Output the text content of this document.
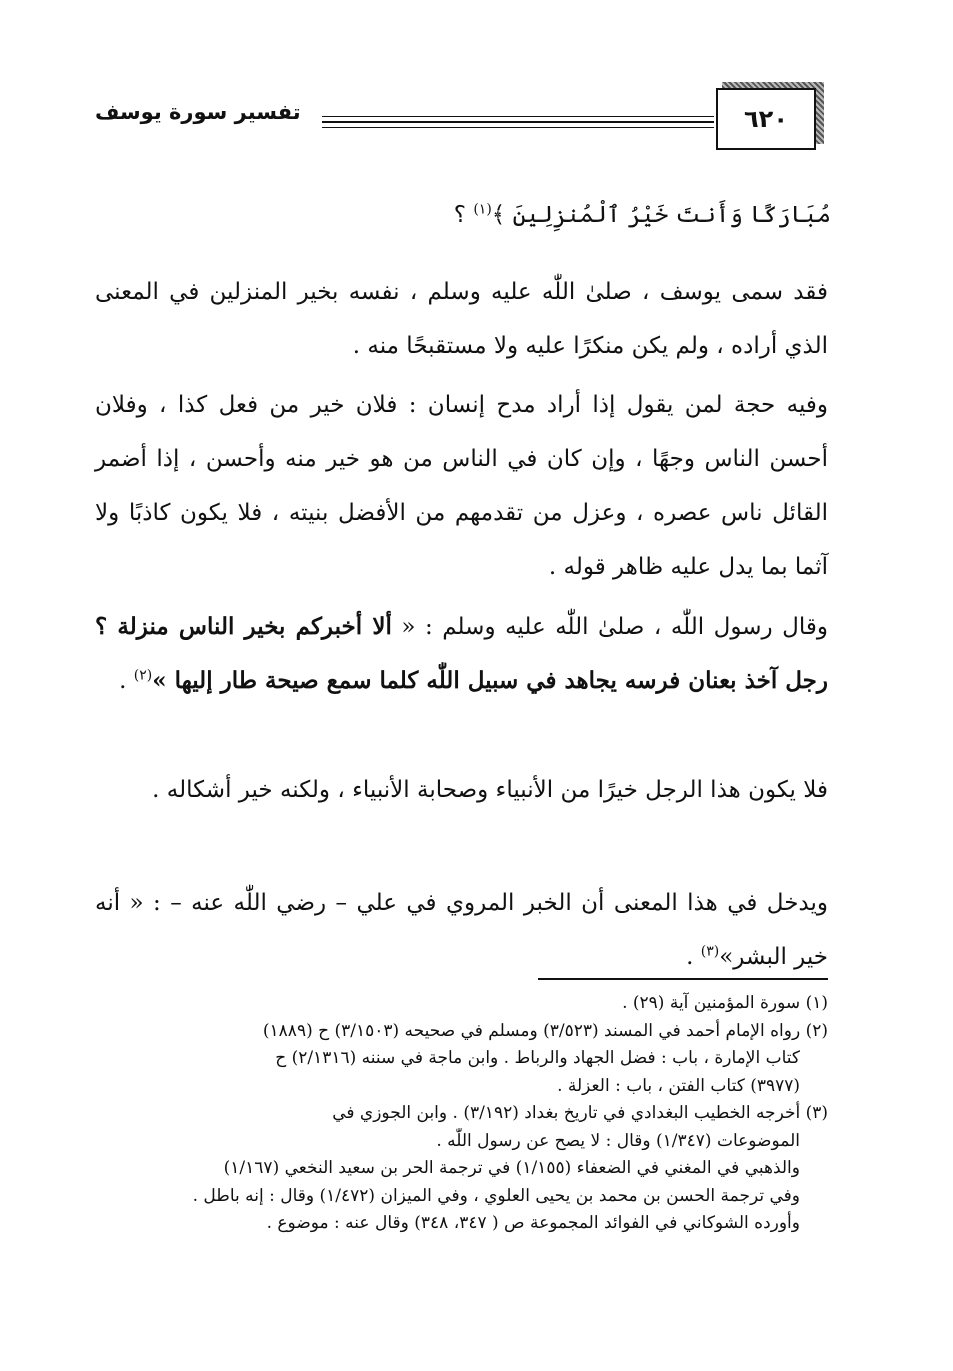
تفسير سورة يوسف	٦٢٠
مُبَارَكًا وَأَنتَ خَيْرُ ٱلْمُنزِلِينَ ﴾$^{(١)}$ ؟
فقد سمى يوسف ، صلىٰ اللّٰه عليه وسلم ، نفسه بخير المنزلين في المعنى الذي أراده ، ولم يكن منكرًا عليه ولا مستقبحًا منه .
وفيه حجة لمن يقول إذا أراد مدح إنسان : فلان خير من فعل كذا ، وفلان أحسن الناس وجهًا ، وإن كان في الناس من هو خير منه وأحسن ، إذا أضمر القائل ناس عصره ، وعزل من تقدمهم من الأفضل بنيته ، فلا يكون كاذبًا ولا آثما بما يدل عليه ظاهر قوله .
وقال رسول اللّٰه ، صلىٰ اللّٰه عليه وسلم : « ألا أخبركم بخير الناس منزلة ؟ رجل آخذ بعنان فرسه يجاهد في سبيل اللّٰه كلما سمع صيحة طار إليها »$^{(٢)}$ .
فلا يكون هذا الرجل خيرًا من الأنبياء وصحابة الأنبياء ، ولكنه خير أشكاله .
ويدخل في هذا المعنى أن الخبر المروي في علي – رضي اللّٰه عنه – : « أنه خير البشر»$^{(٣)}$ .
(١) سورة المؤمنين آية (٢٩) .
(٢) رواه الإمام أحمد في المسند (٣/٥٢٣) ومسلم في صحيحه (٣/١٥٠٣) ح (١٨٨٩)
كتاب الإمارة ، باب : فضل الجهاد والرباط . وابن ماجة في سننه (٢/١٣١٦) ح
(٣٩٧٧) كتاب الفتن ، باب : العزلة .
(٣) أخرجه الخطيب البغدادي في تاريخ بغداد (٣/١٩٢) . وابن الجوزي في
الموضوعات (١/٣٤٧) وقال : لا يصح عن رسول اللّٰه .
والذهبي في المغني في الضعفاء (١/١٥٥) في ترجمة الحر بن سعيد النخعي (١/١٦٧)
وفي ترجمة الحسن بن محمد بن يحيى العلوي ، وفي الميزان (١/٤٧٢) وقال : إنه باطل .
وأورده الشوكاني في الفوائد المجموعة ص ( ٣٤٧، ٣٤٨) وقال عنه : موضوع .
